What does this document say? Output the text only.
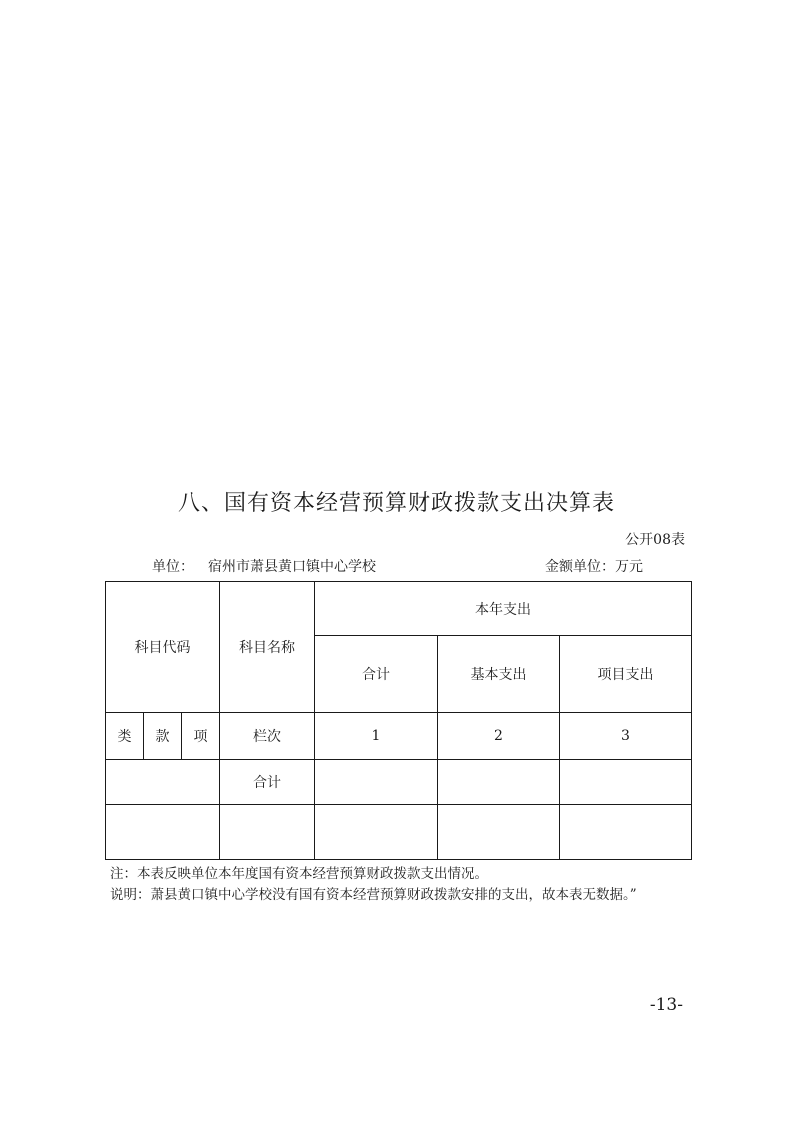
八、国有资本经营预算财政拨款支出决算表
公开08表
单位： 宿州市萧县黄口镇中心学校	金额单位：万元
科目代码			科目名称	本年支出		
				合计	基本支出	项目支出
类	款	项	栏次	1	2	3
			合计			

注：本表反映单位本年度国有资本经营预算财政拨款支出情况。
说明：萧县黄口镇中心学校没有国有资本经营预算财政拨款安排的支出，故本表无数据。”
-13-
